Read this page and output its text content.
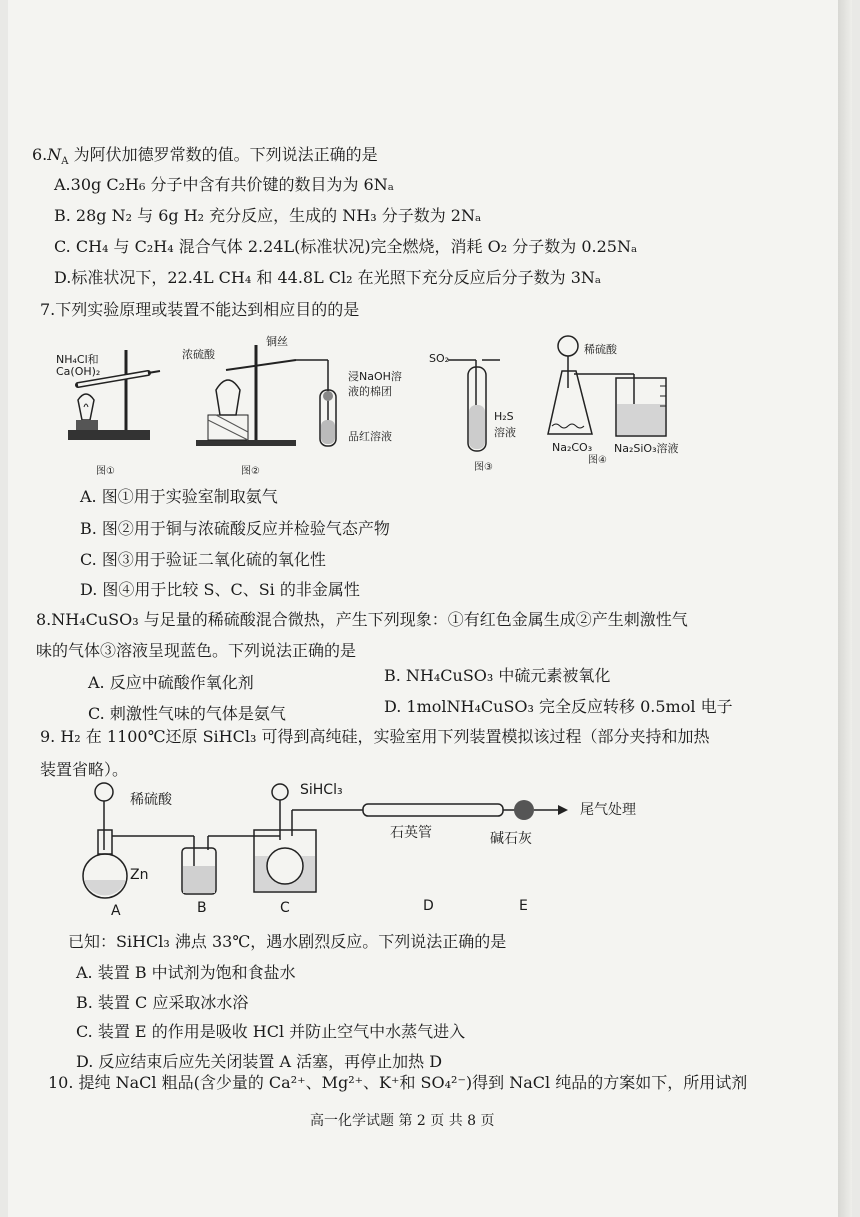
$6.N_A$ 为阿伏加德罗常数的值。下列说法正确的是
A.30g C₂H₆ 分子中含有共价键的数目为为 6Nₐ
B. 28g N₂ 与 6g H₂ 充分反应，生成的 NH₃ 分子数为 2Nₐ
C. CH₄ 与 C₂H₄ 混合气体 2.24L(标准状况)完全燃烧，消耗 O₂ 分子数为 0.25Nₐ
D.标准状况下，22.4L CH₄ 和 44.8L Cl₂ 在光照下充分反应后分子数为 3Nₐ
7.下列实验原理或装置不能达到相应目的的是
NH₄Cl和
Ca(OH)₂
图①
浓硫酸
铜丝
浸NaOH溶
液的棉团
品红溶液
图②
SO₂
H₂S
溶液
图③
稀硫酸
Na₂CO₃ Na₂SiO₃溶液
图④
A. 图①用于实验室制取氨气
B. 图②用于铜与浓硫酸反应并检验气态产物
C. 图③用于验证二氧化硫的氧化性
D. 图④用于比较 S、C、Si 的非金属性
8.NH₄CuSO₃ 与足量的稀硫酸混合微热，产生下列现象：①有红色金属生成②产生刺激性气
味的气体③溶液呈现蓝色。下列说法正确的是
A. 反应中硫酸作氧化剂	B. NH₄CuSO₃ 中硫元素被氧化
C. 刺激性气味的气体是氨气	D. 1molNH₄CuSO₃ 完全反应转移 0.5mol 电子
9. H₂ 在 1100℃还原 SiHCl₃ 可得到高纯硅，实验室用下列装置模拟该过程（部分夹持和加热
装置省略）。
稀硫酸
Zn
SiHCl₃
石英管	碱石灰
尾气处理
A	B	C	D	E
已知：SiHCl₃ 沸点 33℃，遇水剧烈反应。下列说法正确的是
A. 装置 B 中试剂为饱和食盐水
B. 装置 C 应采取冰水浴
C. 装置 E 的作用是吸收 HCl 并防止空气中水蒸气进入
D. 反应结束后应先关闭装置 A 活塞，再停止加热 D
10. 提纯 NaCl 粗品(含少量的 Ca²⁺、Mg²⁺、K⁺和 SO₄²⁻)得到 NaCl 纯品的方案如下，所用试剂
高一化学试题 第 2 页 共 8 页
